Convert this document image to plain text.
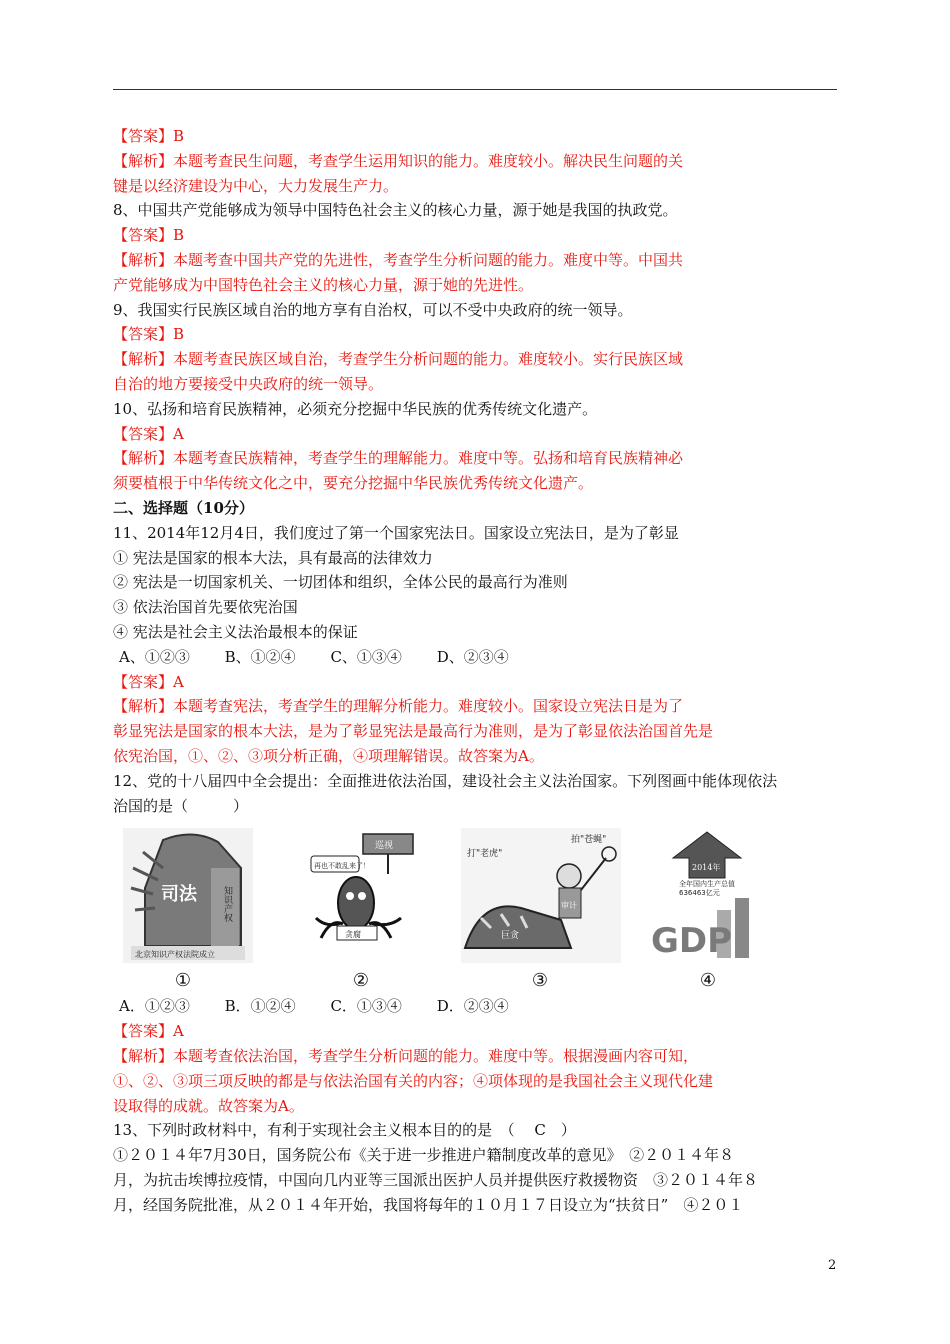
【答案】B
【解析】本题考查民生问题，考查学生运用知识的能力。难度较小。解决民生问题的关
键是以经济建设为中心，大力发展生产力。
8、中国共产党能够成为领导中国特色社会主义的核心力量，源于她是我国的执政党。
【答案】B
【解析】本题考查中国共产党的先进性，考查学生分析问题的能力。难度中等。中国共
产党能够成为中国特色社会主义的核心力量，源于她的先进性。
9、我国实行民族区域自治的地方享有自治权，可以不受中央政府的统一领导。
【答案】B
【解析】本题考查民族区域自治，考查学生分析问题的能力。难度较小。实行民族区域
自治的地方要接受中央政府的统一领导。
10、弘扬和培育民族精神，必须充分挖掘中华民族的优秀传统文化遗产。
【答案】A
【解析】本题考查民族精神，考查学生的理解能力。难度中等。弘扬和培育民族精神必
须要植根于中华传统文化之中，要充分挖掘中华民族优秀传统文化遗产。
二、选择题（10分）
11、2014年12月4日，我们度过了第一个国家宪法日。国家设立宪法日，是为了彰显
① 宪法是国家的根本大法，具有最高的法律效力
② 宪法是一切国家机关、一切团体和组织，全体公民的最高行为准则
③ 依法治国首先要依宪治国
④ 宪法是社会主义法治最根本的保证
A、①②③ B、①②④ C、①③④ D、②③④
【答案】A
【解析】本题考查宪法，考查学生的理解分析能力。难度较小。国家设立宪法日是为了
彰显宪法是国家的根本大法，是为了彰显宪法是最高行为准则，是为了彰显依法治国首先是
依宪治国，①、②、③项分析正确，④项理解错误。故答案为A。
12、党的十八届四中全会提出：全面推进依法治国，建设社会主义法治国家。下列图画中能体现依法
治国的是（　　　）
司法	知识产权
北京知识产权法院成立
①
巡视
再也不敢乱来了！
贪腐
②
打"老虎"
拍"苍蝇"
巨贪
审计
③
2014年
全年国内生产总值 636463亿元
GDP
④
A．①②③ B．①②④ C．①③④ D．②③④
【答案】A
【解析】本题考查依法治国，考查学生分析问题的能力。难度中等。根据漫画内容可知，
①、②、③项三项反映的都是与依法治国有关的内容；④项体现的是我国社会主义现代化建
设取得的成就。故答案为A。
13、下列时政材料中，有利于实现社会主义根本目的的是　（　 C　）
①２０１４年7月30日，国务院公布《关于进一步推进户籍制度改革的意见》　②２０１４年８
月，为抗击埃博拉疫情，中国向几内亚等三国派出医护人员并提供医疗救援物资　③２０１４年８
月，经国务院批准，从２０１４年开始，我国将每年的１０月１７日设立为“扶贫日”　④２０１
2
